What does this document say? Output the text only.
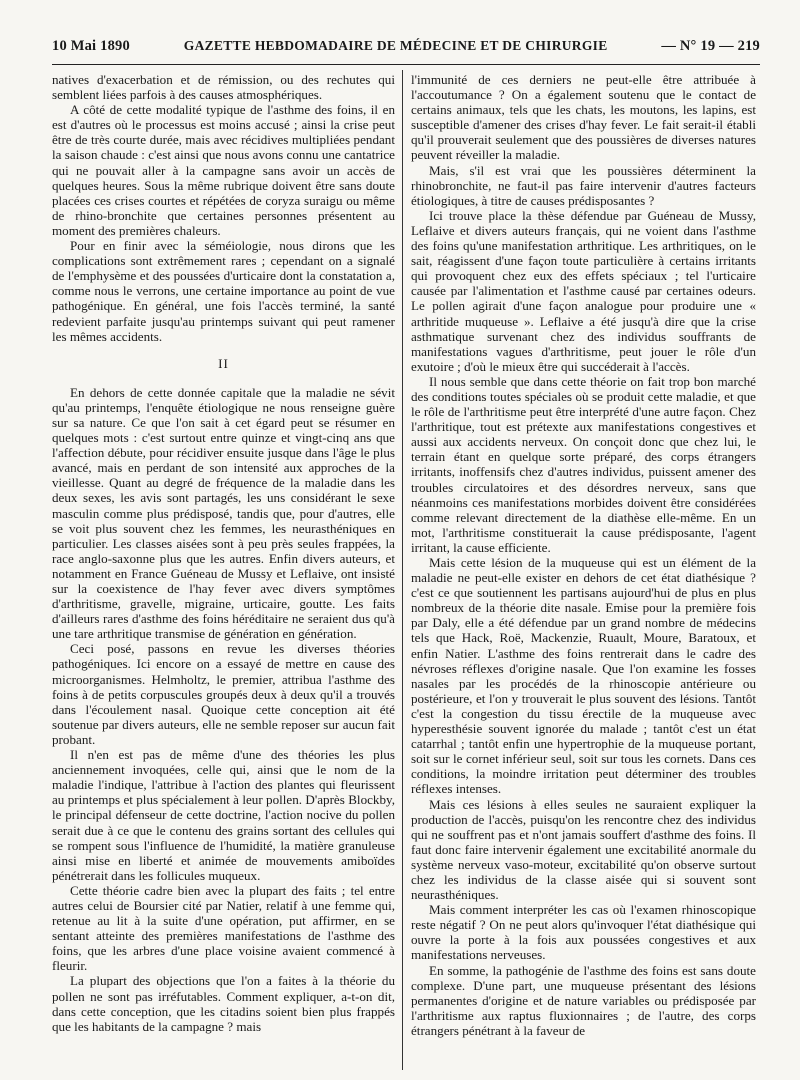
10 Mai 1890	GAZETTE HEBDOMADAIRE DE MÉDECINE ET DE CHIRURGIE	— N° 19 — 219

natives d'exacerbation et de rémission, ou des rechutes qui semblent liées parfois à des causes atmosphériques.

A côté de cette modalité typique de l'asthme des foins, il en est d'autres où le processus est moins accusé ; ainsi la crise peut être de très courte durée, mais avec récidives multipliées pendant la saison chaude : c'est ainsi que nous avons connu une cantatrice qui ne pouvait aller à la campagne sans avoir un accès de quelques heures. Sous la même rubrique doivent être sans doute placées ces crises courtes et répétées de coryza suraigu ou même de rhino-bronchite que certaines personnes présentent au moment des premières chaleurs.

Pour en finir avec la séméiologie, nous dirons que les complications sont extrêmement rares ; cependant on a signalé de l'emphysème et des poussées d'urticaire dont la constatation a, comme nous le verrons, une certaine importance au point de vue pathogénique. En général, une fois l'accès terminé, la santé redevient parfaite jusqu'au printemps suivant qui peut ramener les mêmes accidents.

II

En dehors de cette donnée capitale que la maladie ne sévit qu'au printemps, l'enquête étiologique ne nous renseigne guère sur sa nature. Ce que l'on sait à cet égard peut se résumer en quelques mots : c'est surtout entre quinze et vingt-cinq ans que l'affection débute, pour récidiver ensuite jusque dans l'âge le plus avancé, mais en perdant de son intensité aux approches de la vieillesse. Quant au degré de fréquence de la maladie dans les deux sexes, les avis sont partagés, les uns considérant le sexe masculin comme plus prédisposé, tandis que, pour d'autres, elle se voit plus souvent chez les femmes, les neurasthéniques en particulier. Les classes aisées sont à peu près seules frappées, la race anglo-saxonne plus que les autres. Enfin divers auteurs, et notamment en France Guéneau de Mussy et Leflaive, ont insisté sur la coexistence de l'hay fever avec divers symptômes d'arthritisme, gravelle, migraine, urticaire, goutte. Les faits d'ailleurs rares d'asthme des foins héréditaire ne seraient dus qu'à une tare arthritique transmise de génération en génération.

Ceci posé, passons en revue les diverses théories pathogéniques. Ici encore on a essayé de mettre en cause des microorganismes. Helmholtz, le premier, attribua l'asthme des foins à de petits corpuscules groupés deux à deux qu'il a trouvés dans l'écoulement nasal. Quoique cette conception ait été soutenue par divers auteurs, elle ne semble reposer sur aucun fait probant.

Il n'en est pas de même d'une des théories les plus anciennement invoquées, celle qui, ainsi que le nom de la maladie l'indique, l'attribue à l'action des plantes qui fleurissent au printemps et plus spécialement à leur pollen. D'après Blockby, le principal défenseur de cette doctrine, l'action nocive du pollen serait due à ce que le contenu des grains sortant des cellules qui se rompent sous l'influence de l'humidité, la matière granuleuse ainsi mise en liberté et animée de mouvements amiboïdes pénétrerait dans les follicules muqueux.

Cette théorie cadre bien avec la plupart des faits ; tel entre autres celui de Boursier cité par Natier, relatif à une femme qui, retenue au lit à la suite d'une opération, put affirmer, en se sentant atteinte des premières manifestations de l'asthme des foins, que les arbres d'une place voisine avaient commencé à fleurir.

La plupart des objections que l'on a faites à la théorie du pollen ne sont pas irréfutables. Comment expliquer, a-t-on dit, dans cette conception, que les citadins soient bien plus frappés que les habitants de la campagne ? mais

l'immunité de ces derniers ne peut-elle être attribuée à l'accoutumance ? On a également soutenu que le contact de certains animaux, tels que les chats, les moutons, les lapins, est susceptible d'amener des crises d'hay fever. Le fait serait-il établi qu'il prouverait seulement que des poussières de diverses natures peuvent réveiller la maladie.

Mais, s'il est vrai que les poussières déterminent la rhinobronchite, ne faut-il pas faire intervenir d'autres facteurs étiologiques, à titre de causes prédisposantes ?

Ici trouve place la thèse défendue par Guéneau de Mussy, Leflaive et divers auteurs français, qui ne voient dans l'asthme des foins qu'une manifestation arthritique. Les arthritiques, on le sait, réagissent d'une façon toute particulière à certains irritants qui provoquent chez eux des effets spéciaux ; tel l'urticaire causée par l'alimentation et l'asthme causé par certaines odeurs. Le pollen agirait d'une façon analogue pour produire une « arthritide muqueuse ». Leflaive a été jusqu'à dire que la crise asthmatique survenant chez des individus souffrants de manifestations vagues d'arthritisme, peut jouer le rôle d'un exutoire ; d'où le mieux être qui succéderait à l'accès.

Il nous semble que dans cette théorie on fait trop bon marché des conditions toutes spéciales où se produit cette maladie, et que le rôle de l'arthritisme peut être interprété d'une autre façon. Chez l'arthritique, tout est prétexte aux manifestations congestives et aussi aux accidents nerveux. On conçoit donc que chez lui, le terrain étant en quelque sorte préparé, des corps étrangers irritants, inoffensifs chez d'autres individus, puissent amener des troubles circulatoires et des désordres nerveux, sans que néanmoins ces manifestations morbides doivent être considérées comme relevant directement de la diathèse elle-même. En un mot, l'arthritisme constituerait la cause prédisposante, l'agent irritant, la cause efficiente.

Mais cette lésion de la muqueuse qui est un élément de la maladie ne peut-elle exister en dehors de cet état diathésique ? c'est ce que soutiennent les partisans aujourd'hui de plus en plus nombreux de la théorie dite nasale. Emise pour la première fois par Daly, elle a été défendue par un grand nombre de médecins tels que Hack, Roë, Mackenzie, Ruault, Moure, Baratoux, et enfin Natier. L'asthme des foins rentrerait dans le cadre des névroses réflexes d'origine nasale. Que l'on examine les fosses nasales par les procédés de la rhinoscopie antérieure ou postérieure, et l'on y trouverait le plus souvent des lésions. Tantôt c'est la congestion du tissu érectile de la muqueuse avec hyperesthésie souvent ignorée du malade ; tantôt c'est un état catarrhal ; tantôt enfin une hypertrophie de la muqueuse portant, soit sur le cornet inférieur seul, soit sur tous les cornets. Dans ces conditions, la moindre irritation peut déterminer des troubles réflexes intenses.

Mais ces lésions à elles seules ne sauraient expliquer la production de l'accès, puisqu'on les rencontre chez des individus qui ne souffrent pas et n'ont jamais souffert d'asthme des foins. Il faut donc faire intervenir également une excitabilité anormale du système nerveux vaso-moteur, excitabilité qu'on observe surtout chez les individus de la classe aisée qui si souvent sont neurasthéniques.

Mais comment interpréter les cas où l'examen rhinoscopique reste négatif ? On ne peut alors qu'invoquer l'état diathésique qui ouvre la porte à la fois aux poussées congestives et aux manifestations nerveuses.

En somme, la pathogénie de l'asthme des foins est sans doute complexe. D'une part, une muqueuse présentant des lésions permanentes d'origine et de nature variables ou prédisposée par l'arthritisme aux raptus fluxionnaires ; de l'autre, des corps étrangers pénétrant à la faveur de
